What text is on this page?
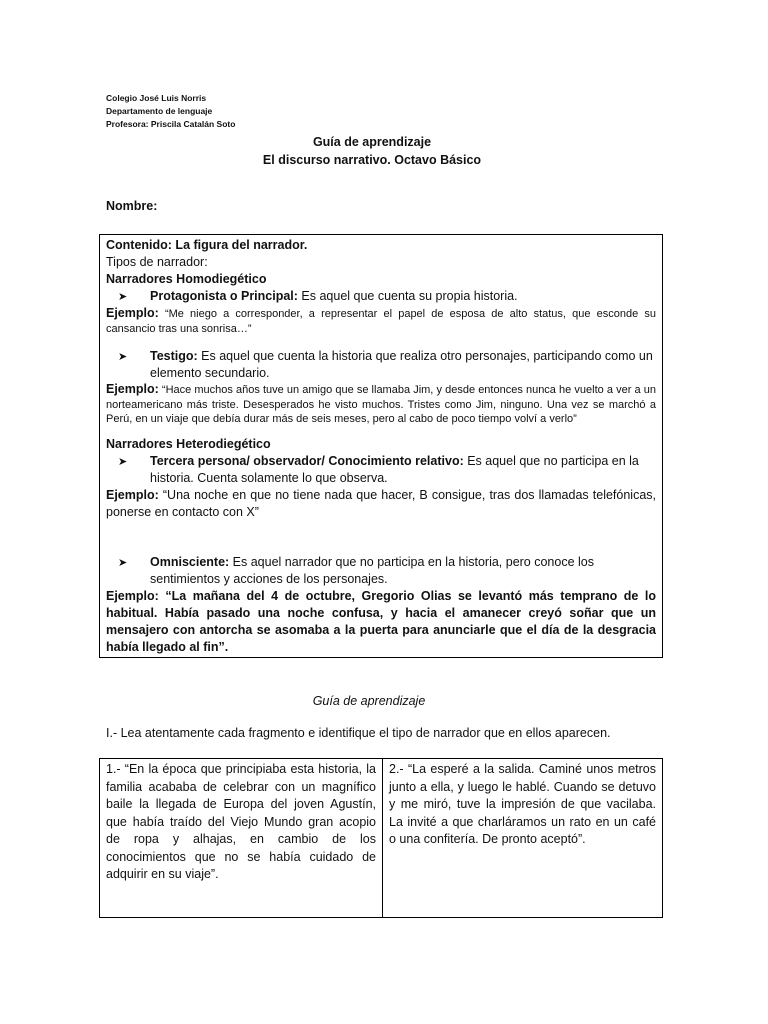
Colegio José Luis Norris
Departamento de lenguaje
Profesora: Priscila Catalán Soto
Guía de aprendizaje
El discurso narrativo. Octavo Básico
Nombre:
Contenido: La figura del narrador.
Tipos de narrador:
Narradores Homodiegético
➤	Protagonista o Principal: Es aquel que cuenta su propia historia.
Ejemplo: “Me niego a corresponder, a representar el papel de esposa de alto status, que esconde su cansancio tras una sonrisa…”
➤	Testigo: Es aquel que cuenta la historia que realiza otro personajes, participando como un elemento secundario.
Ejemplo: “Hace muchos años tuve un amigo que se llamaba Jim, y desde entonces nunca he vuelto a ver a un norteamericano más triste. Desesperados he visto muchos. Tristes como Jim, ninguno. Una vez se marchó a Perú, en un viaje que debía durar más de seis meses, pero al cabo de poco tiempo volví a verlo”
Narradores Heterodiegético
➤	Tercera persona/ observador/ Conocimiento relativo: Es aquel que no participa en la historia. Cuenta solamente lo que observa.
Ejemplo: “Una noche en que no tiene nada que hacer, B consigue, tras dos llamadas telefónicas, ponerse en contacto con X”
➤	Omnisciente: Es aquel narrador que no participa en la historia, pero conoce los sentimientos y acciones de los personajes.
Ejemplo: “La mañana del 4 de octubre, Gregorio Olias se levantó más temprano de lo habitual. Había pasado una noche confusa, y hacia el amanecer creyó soñar que un mensajero con antorcha se asomaba a la puerta para anunciarle que el día de la desgracia había llegado al fin”.
Guía de aprendizaje
I.- Lea atentamente cada fragmento e identifique el tipo de narrador que en ellos aparecen.
1.- “En la época que principiaba esta historia, la familia acababa de celebrar con un magnífico baile la llegada de Europa del joven Agustín, que había traído del Viejo Mundo gran acopio de ropa y alhajas, en cambio de los conocimientos que no se había cuidado de adquirir en su viaje”.
2.- “La esperé a la salida. Caminé unos metros junto a ella, y luego le hablé. Cuando se detuvo y me miró, tuve la impresión de que vacilaba. La invité a que charláramos un rato en un café o una confitería. De pronto aceptó”.
